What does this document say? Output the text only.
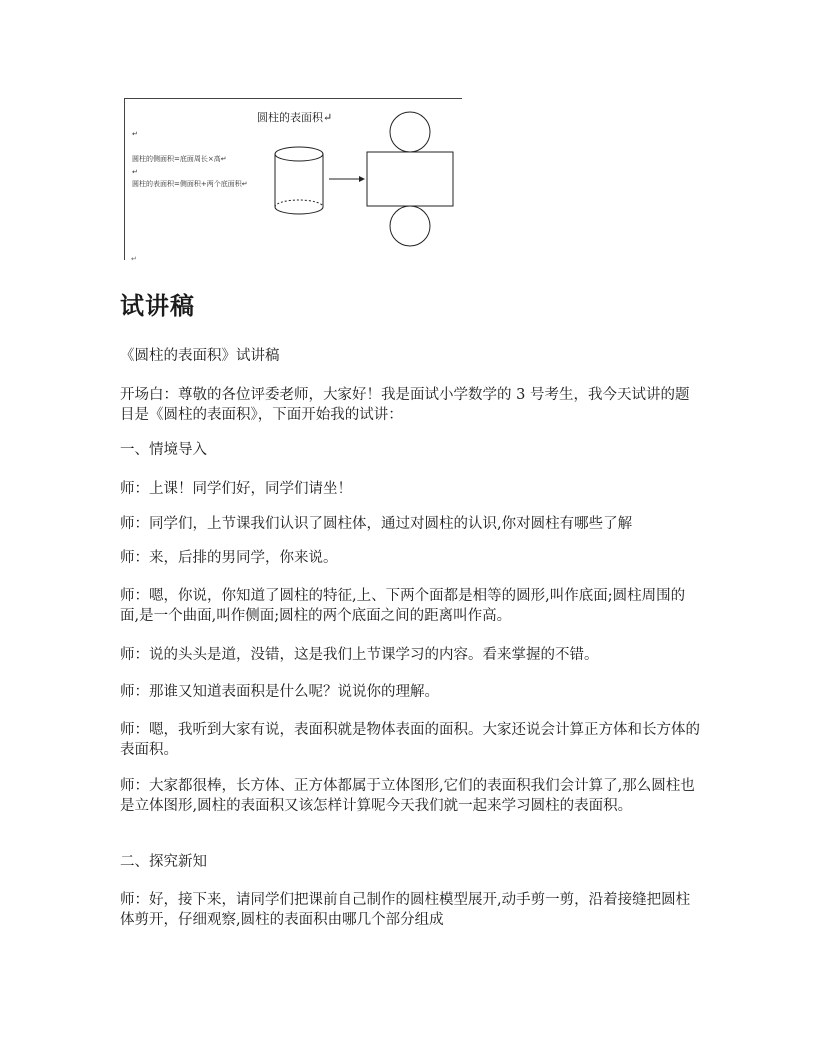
圆柱的表面积↵
↵
圆柱的侧面积=底面周长×高↵
↵
圆柱的表面积=侧面积+两个底面积↵
↵
试讲稿

《圆柱的表面积》试讲稿

开场白：尊敬的各位评委老师，大家好！我是面试小学数学的 3 号考生，我今天试讲的题目是《圆柱的表面积》，下面开始我的试讲：

一、情境导入

师：上课！同学们好，同学们请坐！

师：同学们，上节课我们认识了圆柱体，通过对圆柱的认识,你对圆柱有哪些了解

师：来，后排的男同学，你来说。

师：嗯，你说，你知道了圆柱的特征,上、下两个面都是相等的圆形,叫作底面;圆柱周围的面,是一个曲面,叫作侧面;圆柱的两个底面之间的距离叫作高。

师：说的头头是道，没错，这是我们上节课学习的内容。看来掌握的不错。

师：那谁又知道表面积是什么呢？说说你的理解。

师：嗯，我听到大家有说，表面积就是物体表面的面积。大家还说会计算正方体和长方体的表面积。

师：大家都很棒，长方体、正方体都属于立体图形,它们的表面积我们会计算了,那么圆柱也是立体图形,圆柱的表面积又该怎样计算呢今天我们就一起来学习圆柱的表面积。

二、探究新知

师：好，接下来，请同学们把课前自己制作的圆柱模型展开,动手剪一剪，沿着接缝把圆柱体剪开，仔细观察,圆柱的表面积由哪几个部分组成
